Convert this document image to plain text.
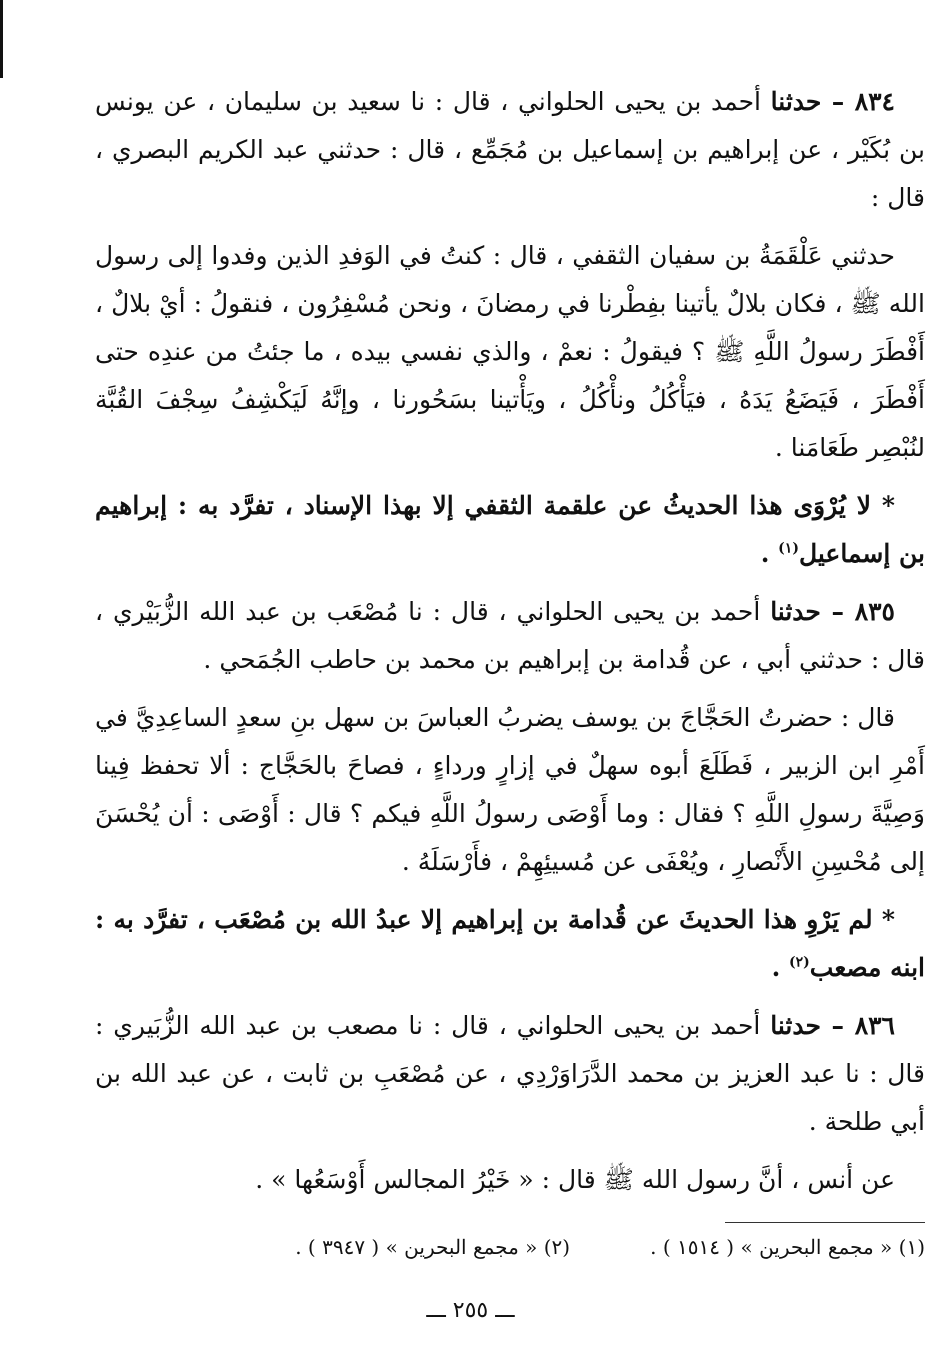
٨٣٤ – حدثنا أحمد بن يحيى الحلواني ، قال : نا سعيد بن سليمان ، عن يونس بن بُكَيْر ، عن إبراهيم بن إسماعيل بن مُجَمِّع ، قال : حدثني عبد الكريم البصري ، قال :

حدثني عَلْقَمَةُ بن سفيان الثقفي ، قال : كنتُ في الوَفدِ الذين وفدوا إلى رسول الله ﷺ ، فكان بلالٌ يأتينا بفِطْرنا في رمضانَ ، ونحن مُسْفِرُون ، فنقولُ : أيْ بلالٌ ، أَفْطَرَ رسولُ اللَّهِ ﷺ ؟ فيقولُ : نعمْ ، والذي نفسي بيده ، ما جئتُ من عندِه حتى أَفْطَرَ ، فَيَضَعُ يَدَهُ ، فيَأْكُلُ ونأْكُلُ ، ويَأْتينا بسَحُورنا ، وإنَّهُ لَيَكْشِفُ سِجْفَ القُبَّة لنُبْصِر طَعَامَنا .

* لا يُرْوَى هذا الحديثُ عن علقمة الثقفي إلا بهذا الإسناد ، تفرَّد به : إبراهيم بن إسماعيل$^{(١)}$ .

٨٣٥ – حدثنا أحمد بن يحيى الحلواني ، قال : نا مُصْعَب بن عبد الله الزُّبَيْري ، قال : حدثني أبي ، عن قُدامة بن إبراهيم بن محمد بن حاطب الجُمَحي .

قال : حضرتُ الحَجَّاجَ بن يوسف يضربُ العباسَ بن سهل بنِ سعدٍ الساعِدِيَّ في أَمْرِ ابن الزبير ، فَطَلَعَ أبوه سهلٌ في إزارٍ ورداءٍ ، فصاحَ بالحَجَّاج : ألا تحفظ فِينا وَصِيَّةَ رسولِ اللَّهِ ؟ فقال : وما أَوْصَى رسولُ اللَّهِ فيكم ؟ قال : أَوْصَى : أن يُحْسَنَ إلى مُحْسِنِ الأَنْصارِ ، ويُعْفَى عن مُسيئِهِمْ ، فأَرْسَلَهُ .

* لم يَرْوِ هذا الحديثَ عن قُدامة بن إبراهيم إلا عبدُ الله بن مُصْعَب ، تفرَّد به : ابنه مصعب$^{(٢)}$ .

٨٣٦ – حدثنا أحمد بن يحيى الحلواني ، قال : نا مصعب بن عبد الله الزُّبَيري : قال : نا عبد العزيز بن محمد الدَّرَاوَرْدِي ، عن مُصْعَبِ بن ثابت ، عن عبد الله بن أبي طلحة .

عن أنس ، أنَّ رسول الله ﷺ قال : « خَيْرُ المجالس أَوْسَعُها » .

(١) « مجمع البحرين » ( ١٥١٤ ) .
(٢) « مجمع البحرين » ( ٣٩٤٧ ) .
ـــ ٢٥٥ ـــ
